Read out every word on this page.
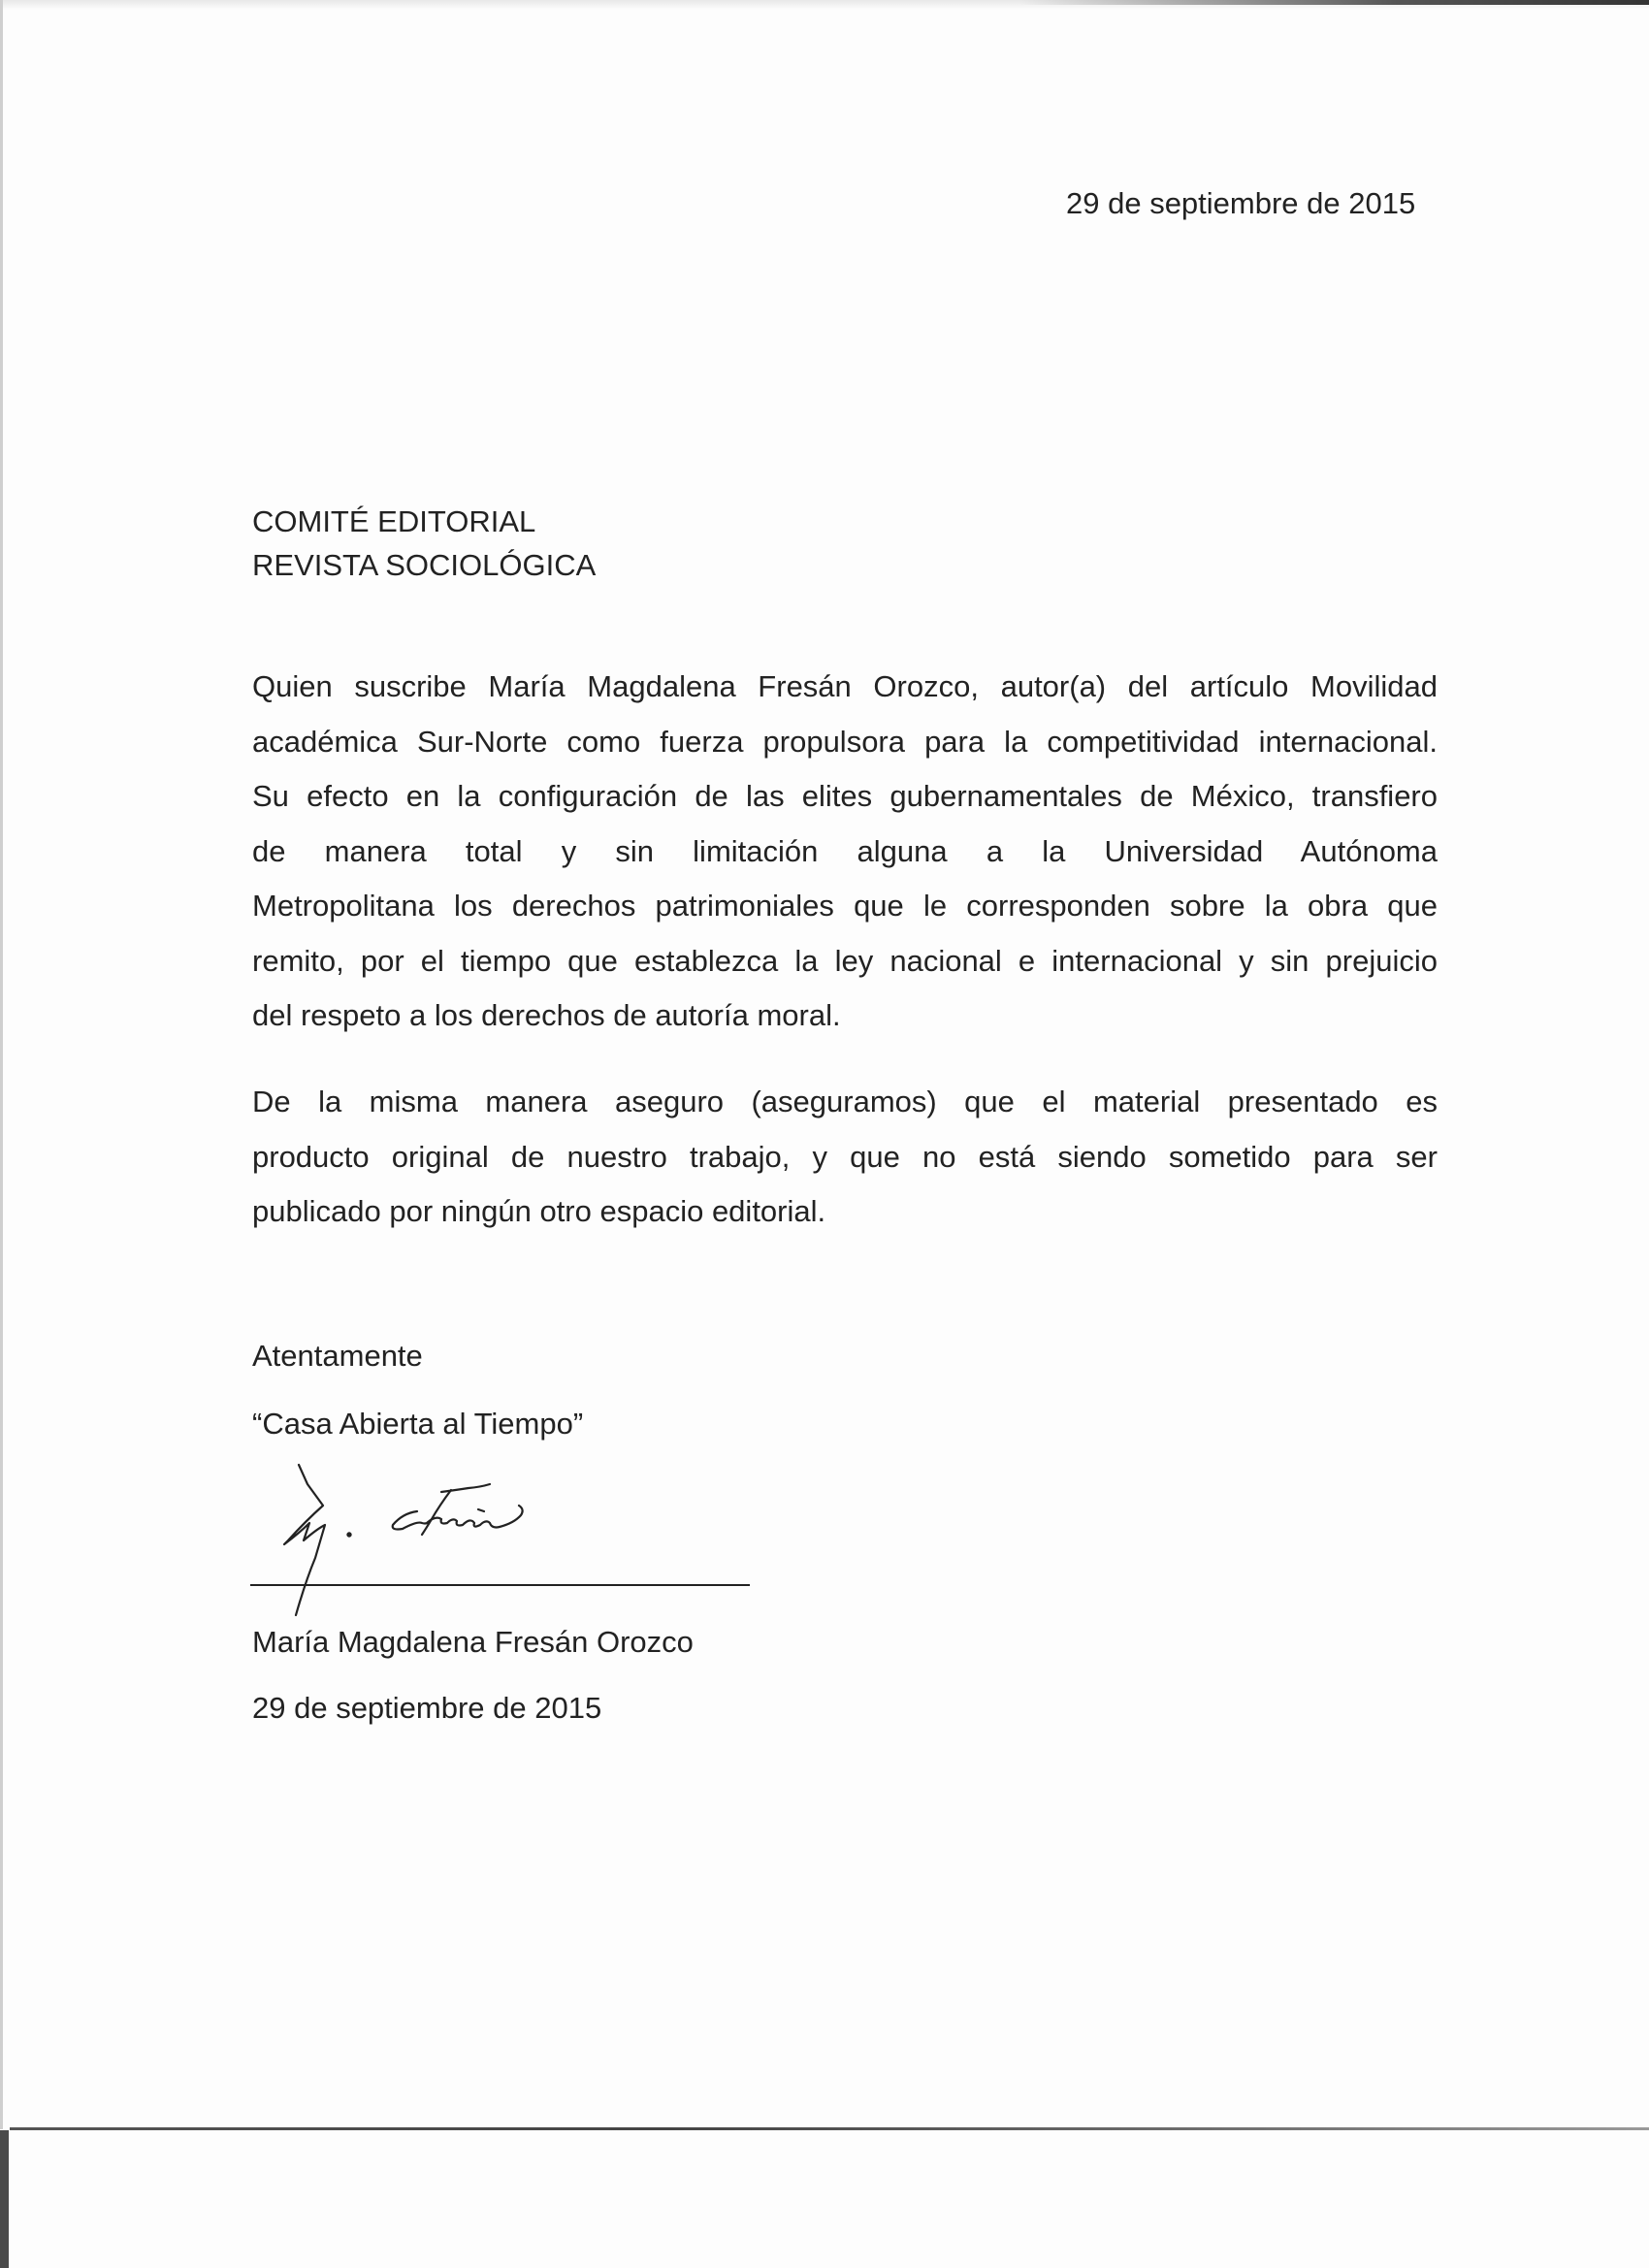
29 de septiembre de 2015
COMITÉ EDITORIAL
REVISTA SOCIOLÓGICA
Quien suscribe María Magdalena Fresán Orozco, autor(a) del artículo Movilidad
académica Sur-Norte como fuerza propulsora para la competitividad internacional.
Su efecto en la configuración de las elites gubernamentales de México, transfiero
de manera total y sin limitación alguna a la Universidad Autónoma
Metropolitana los derechos patrimoniales que le corresponden sobre la obra que
remito, por el tiempo que establezca la ley nacional e internacional y sin prejuicio
del respeto a los derechos de autoría moral.
De la misma manera aseguro (aseguramos) que el material presentado es
producto original de nuestro trabajo, y que no está siendo sometido para ser
publicado por ningún otro espacio editorial.
Atentamente
“Casa Abierta al Tiempo”
María Magdalena Fresán Orozco
29 de septiembre de 2015
